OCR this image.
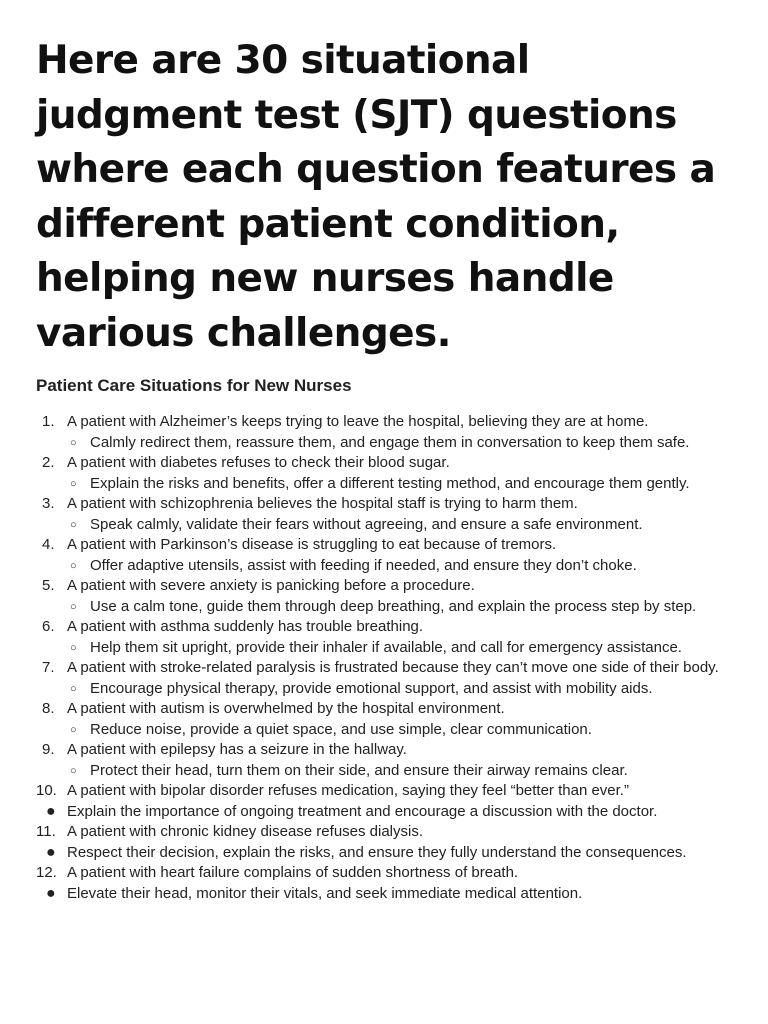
Here are 30 situational judgment test (SJT) questions where each question features a different patient condition, helping new nurses handle various challenges.
Patient Care Situations for New Nurses
1. A patient with Alzheimer’s keeps trying to leave the hospital, believing they are at home.
○ Calmly redirect them, reassure them, and engage them in conversation to keep them safe.
2. A patient with diabetes refuses to check their blood sugar.
○ Explain the risks and benefits, offer a different testing method, and encourage them gently.
3. A patient with schizophrenia believes the hospital staff is trying to harm them.
○ Speak calmly, validate their fears without agreeing, and ensure a safe environment.
4. A patient with Parkinson’s disease is struggling to eat because of tremors.
○ Offer adaptive utensils, assist with feeding if needed, and ensure they don’t choke.
5. A patient with severe anxiety is panicking before a procedure.
○ Use a calm tone, guide them through deep breathing, and explain the process step by step.
6. A patient with asthma suddenly has trouble breathing.
○ Help them sit upright, provide their inhaler if available, and call for emergency assistance.
7. A patient with stroke-related paralysis is frustrated because they can’t move one side of their body.
○ Encourage physical therapy, provide emotional support, and assist with mobility aids.
8. A patient with autism is overwhelmed by the hospital environment.
○ Reduce noise, provide a quiet space, and use simple, clear communication.
9. A patient with epilepsy has a seizure in the hallway.
○ Protect their head, turn them on their side, and ensure their airway remains clear.
10. A patient with bipolar disorder refuses medication, saying they feel “better than ever.”
● Explain the importance of ongoing treatment and encourage a discussion with the doctor.
11. A patient with chronic kidney disease refuses dialysis.
● Respect their decision, explain the risks, and ensure they fully understand the consequences.
12. A patient with heart failure complains of sudden shortness of breath.
● Elevate their head, monitor their vitals, and seek immediate medical attention.
